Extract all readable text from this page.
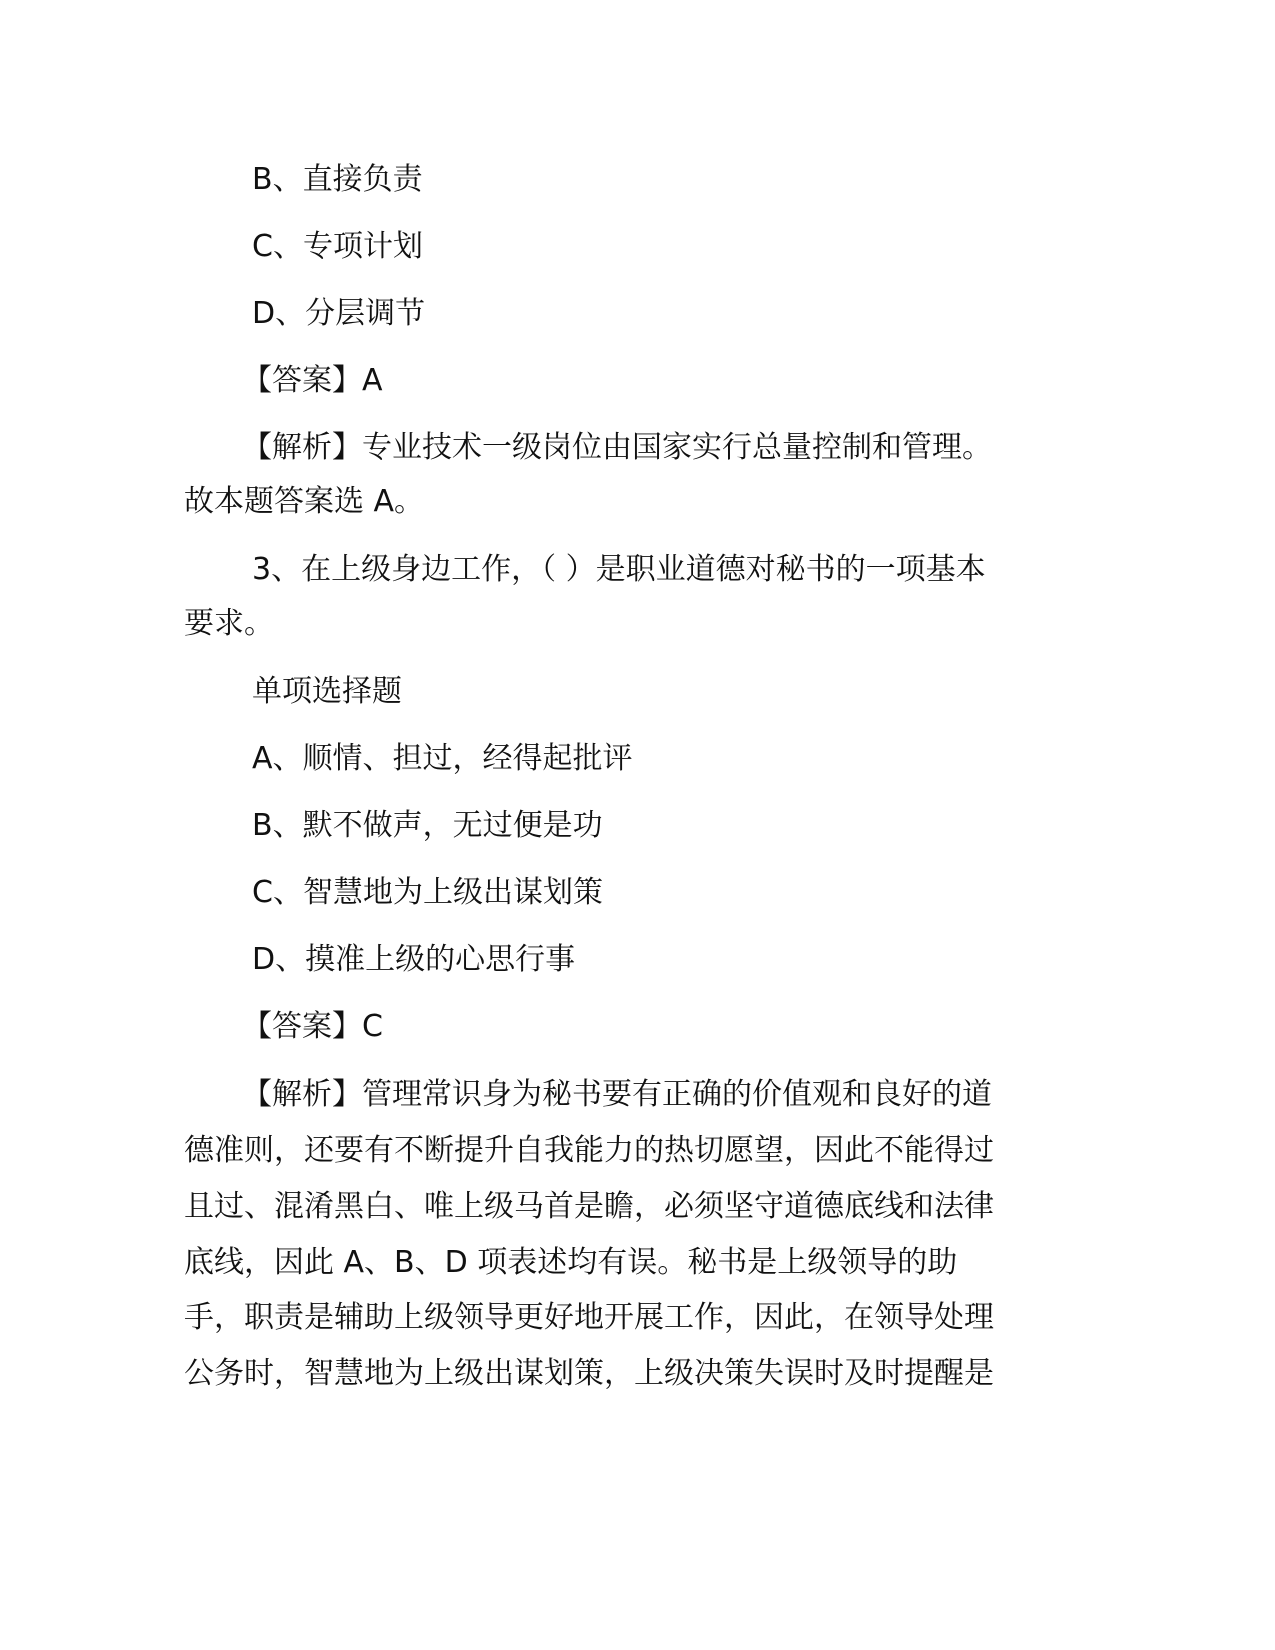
B、直接负责
C、专项计划
D、分层调节
【答案】A
【解析】专业技术一级岗位由国家实行总量控制和管理。
故本题答案选 A。
3、在上级身边工作，（ ）是职业道德对秘书的一项基本
要求。
单项选择题
A、顺情、担过，经得起批评
B、默不做声，无过便是功
C、智慧地为上级出谋划策
D、摸准上级的心思行事
【答案】C
【解析】管理常识身为秘书要有正确的价值观和良好的道
德准则，还要有不断提升自我能力的热切愿望，因此不能得过
且过、混淆黑白、唯上级马首是瞻，必须坚守道德底线和法律
底线，因此 A、B、D 项表述均有误。秘书是上级领导的助
手，职责是辅助上级领导更好地开展工作，因此，在领导处理
公务时，智慧地为上级出谋划策，上级决策失误时及时提醒是
